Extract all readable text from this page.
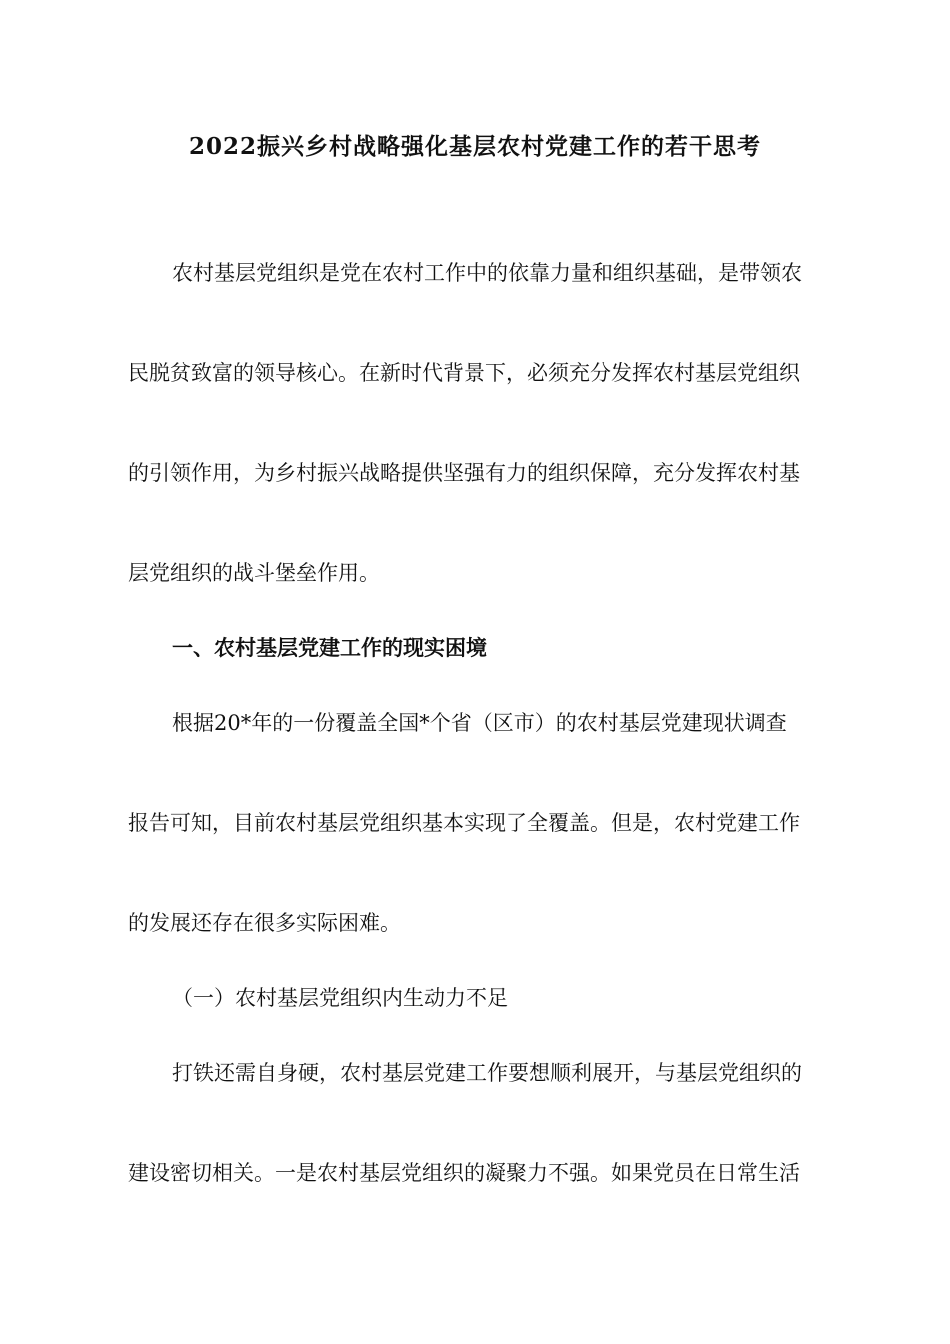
2022振兴乡村战略强化基层农村党建工作的若干思考
农村基层党组织是党在农村工作中的依靠力量和组织基础，是带领农
民脱贫致富的领导核心。在新时代背景下，必须充分发挥农村基层党组织
的引领作用，为乡村振兴战略提供坚强有力的组织保障，充分发挥农村基
层党组织的战斗堡垒作用。
一、农村基层党建工作的现实困境
根据20*年的一份覆盖全国*个省（区市）的农村基层党建现状调查
报告可知，目前农村基层党组织基本实现了全覆盖。但是，农村党建工作
的发展还存在很多实际困难。
（一）农村基层党组织内生动力不足
打铁还需自身硬，农村基层党建工作要想顺利展开，与基层党组织的
建设密切相关。一是农村基层党组织的凝聚力不强。如果党员在日常生活
